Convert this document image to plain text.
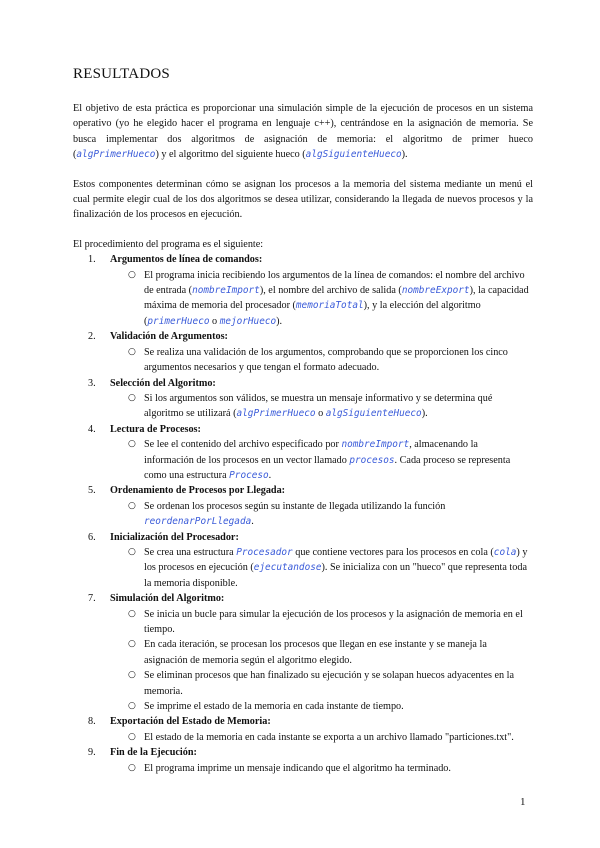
RESULTADOS

El objetivo de esta práctica es proporcionar una simulación simple de la ejecución de procesos en un sistema operativo (yo he elegido hacer el programa en lenguaje c++), centrándose en la asignación de memoria. Se busca implementar dos algoritmos de asignación de memoria: el algoritmo de primer hueco (algPrimerHueco) y el algoritmo del siguiente hueco (algSiguienteHueco).

Estos componentes determinan cómo se asignan los procesos a la memoria del sistema mediante un menú el cual permite elegir cual de los dos algoritmos se desea utilizar, considerando la llegada de nuevos procesos y la finalización de los procesos en ejecución.

El procedimiento del programa es el siguiente:

1. Argumentos de línea de comandos:
○ El programa inicia recibiendo los argumentos de la línea de comandos: el nombre del archivo de entrada (nombreImport), el nombre del archivo de salida (nombreExport), la capacidad máxima de memoria del procesador (memoriaTotal), y la elección del algoritmo (primerHueco o mejorHueco).
2. Validación de Argumentos:
○ Se realiza una validación de los argumentos, comprobando que se proporcionen los cinco argumentos necesarios y que tengan el formato adecuado.
3. Selección del Algoritmo:
○ Si los argumentos son válidos, se muestra un mensaje informativo y se determina qué algoritmo se utilizará (algPrimerHueco o algSiguienteHueco).
4. Lectura de Procesos:
○ Se lee el contenido del archivo especificado por nombreImport, almacenando la información de los procesos en un vector llamado procesos. Cada proceso se representa como una estructura Proceso.
5. Ordenamiento de Procesos por Llegada:
○ Se ordenan los procesos según su instante de llegada utilizando la función
reordenarPorLlegada.
6. Inicialización del Procesador:
○ Se crea una estructura Procesador que contiene vectores para los procesos en cola (cola) y los procesos en ejecución (ejecutandose). Se inicializa con un "hueco" que representa toda la memoria disponible.
7. Simulación del Algoritmo:
○ Se inicia un bucle para simular la ejecución de los procesos y la asignación de memoria en el tiempo.
○ En cada iteración, se procesan los procesos que llegan en ese instante y se maneja la asignación de memoria según el algoritmo elegido.
○ Se eliminan procesos que han finalizado su ejecución y se solapan huecos adyacentes en la memoria.
○ Se imprime el estado de la memoria en cada instante de tiempo.
8. Exportación del Estado de Memoria:
○ El estado de la memoria en cada instante se exporta a un archivo llamado "particiones.txt".
9. Fin de la Ejecución:
○ El programa imprime un mensaje indicando que el algoritmo ha terminado.
1
